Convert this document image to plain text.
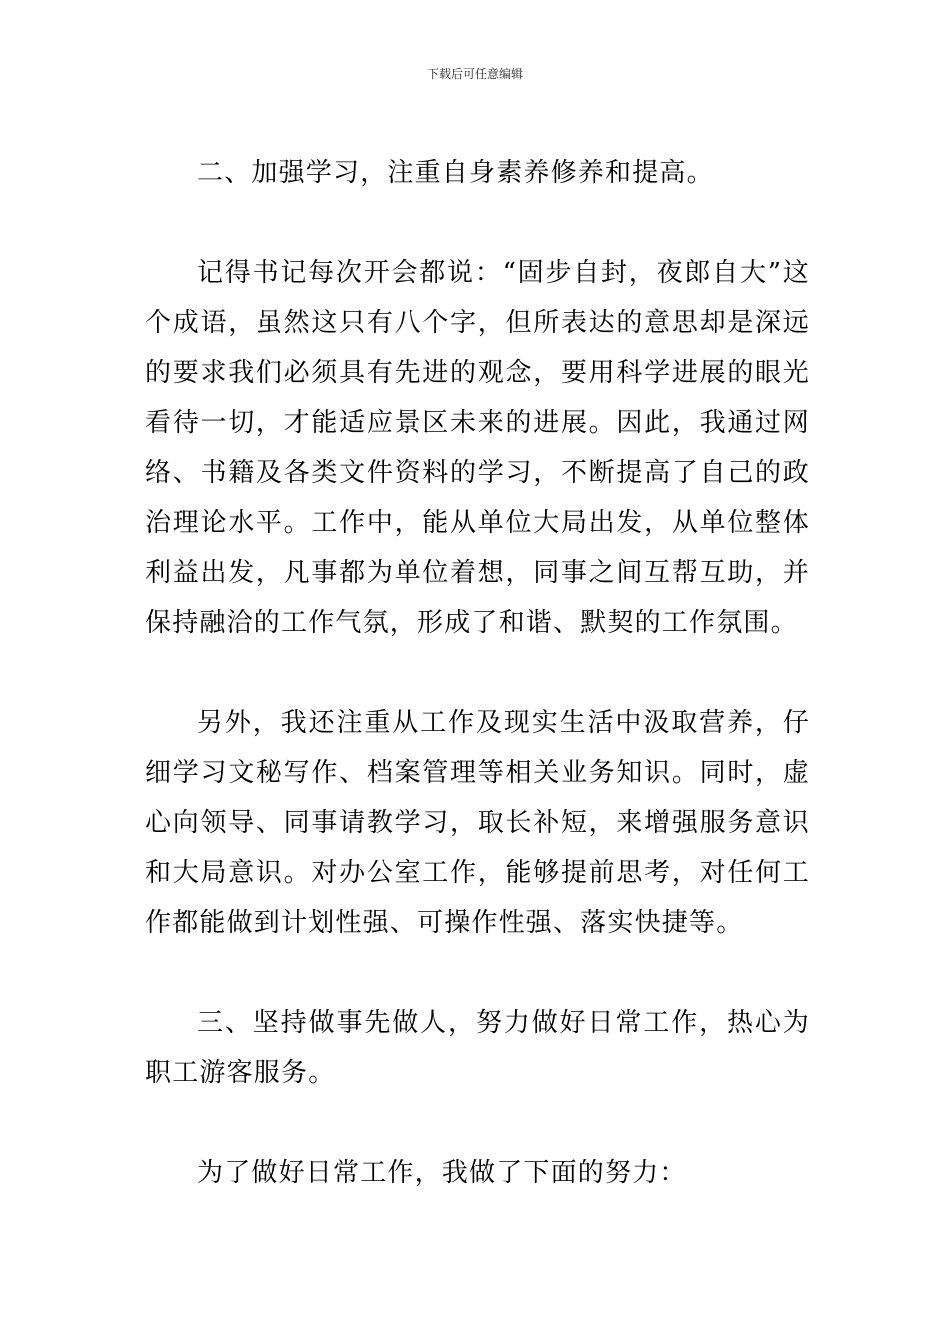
下载后可任意编辑

二、加强学习，注重自身素养修养和提高。

记得书记每次开会都说：“固步自封，夜郎自大”这个成语，虽然这只有八个字，但所表达的意思却是深远的要求我们必须具有先进的观念，要用科学进展的眼光看待一切，才能适应景区未来的进展。因此，我通过网络、书籍及各类文件资料的学习，不断提高了自己的政治理论水平。工作中，能从单位大局出发，从单位整体利益出发，凡事都为单位着想，同事之间互帮互助，并保持融洽的工作气氛，形成了和谐、默契的工作氛围。

另外，我还注重从工作及现实生活中汲取营养，仔细学习文秘写作、档案管理等相关业务知识。同时，虚心向领导、同事请教学习，取长补短，来增强服务意识和大局意识。对办公室工作，能够提前思考，对任何工作都能做到计划性强、可操作性强、落实快捷等。

三、坚持做事先做人，努力做好日常工作，热心为职工游客服务。

为了做好日常工作，我做了下面的努力：
